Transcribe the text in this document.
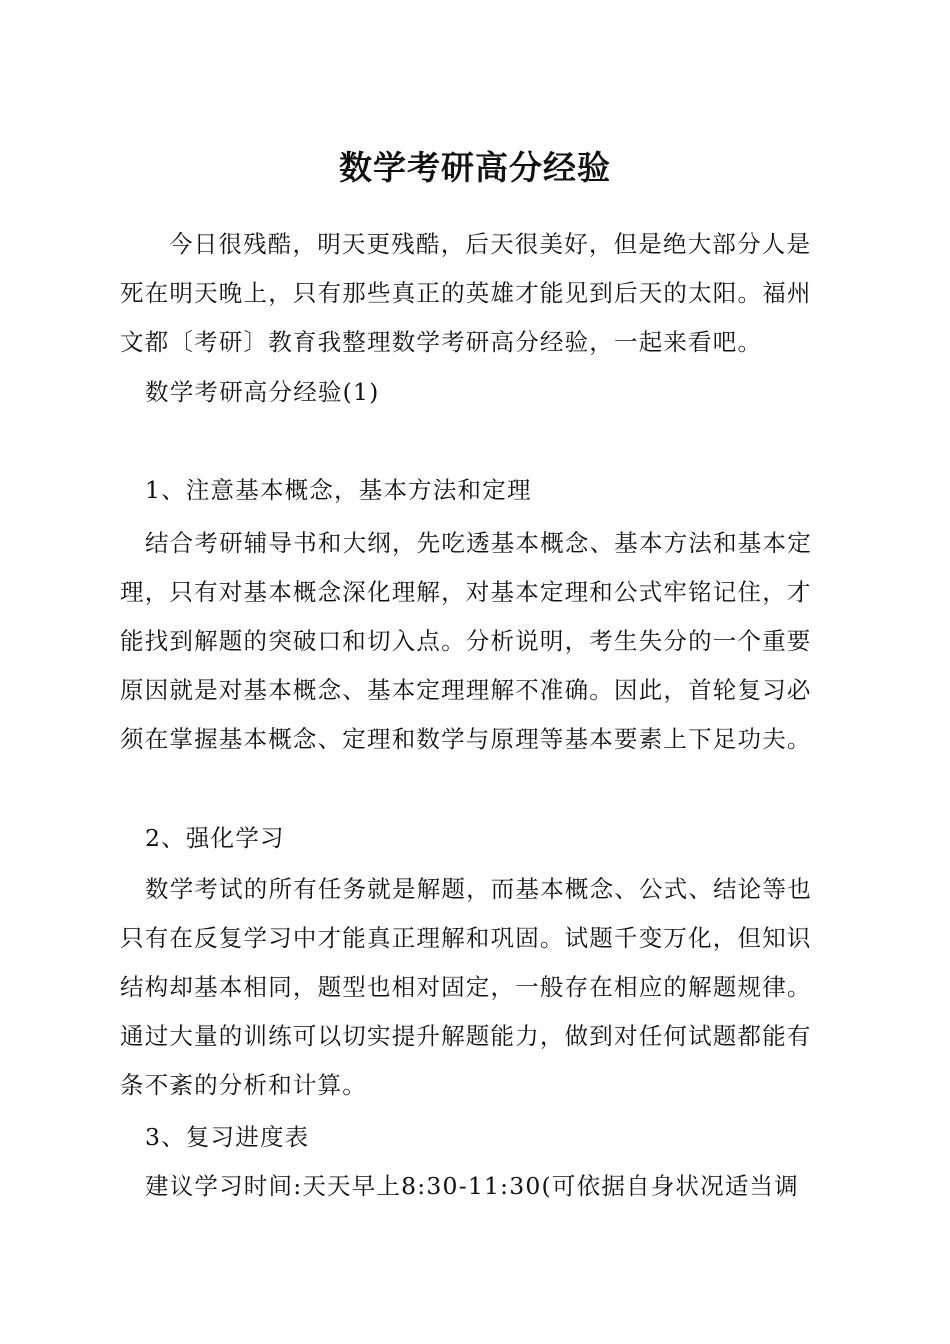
数学考研高分经验
今日很残酷，明天更残酷，后天很美好，但是绝大部分人是死在明天晚上，只有那些真正的英雄才能见到后天的太阳。福州文都〔考研〕教育我整理数学考研高分经验，一起来看吧。
数学考研高分经验(1)
1、注意基本概念，基本方法和定理
结合考研辅导书和大纲，先吃透基本概念、基本方法和基本定理，只有对基本概念深化理解，对基本定理和公式牢铭记住，才能找到解题的突破口和切入点。分析说明，考生失分的一个重要原因就是对基本概念、基本定理理解不准确。因此，首轮复习必须在掌握基本概念、定理和数学与原理等基本要素上下足功夫。
2、强化学习
数学考试的所有任务就是解题，而基本概念、公式、结论等也只有在反复学习中才能真正理解和巩固。试题千变万化，但知识结构却基本相同，题型也相对固定，一般存在相应的解题规律。通过大量的训练可以切实提升解题能力，做到对任何试题都能有条不紊的分析和计算。
3、复习进度表
建议学习时间:天天早上8:30-11:30(可依据自身状况适当调
